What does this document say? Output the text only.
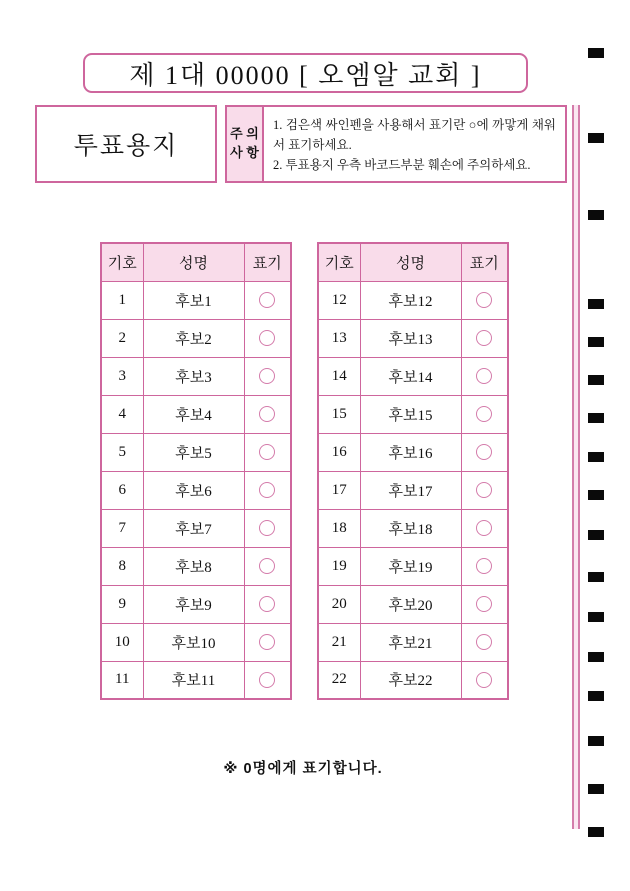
제 1대 00000 [ 오엠알 교회 ]
투표용지	주 의
사 항

1. 검은색 싸인펜을 사용해서 표기란 ○에 까맣게 채워서 표기하세요.

2. 투표용지 우측 바코드부분 훼손에 주의하세요.

기호	성명	표기
1	후보1	
2	후보2	
3	후보3	
4	후보4	
5	후보5	
6	후보6	
7	후보7	
8	후보8	
9	후보9	
10	후보10	
11	후보11	
기호	성명	표기
12	후보12	
13	후보13	
14	후보14	
15	후보15	
16	후보16	
17	후보17	
18	후보18	
19	후보19	
20	후보20	
21	후보21	
22	후보22	
※ 0명에게 표기합니다.
